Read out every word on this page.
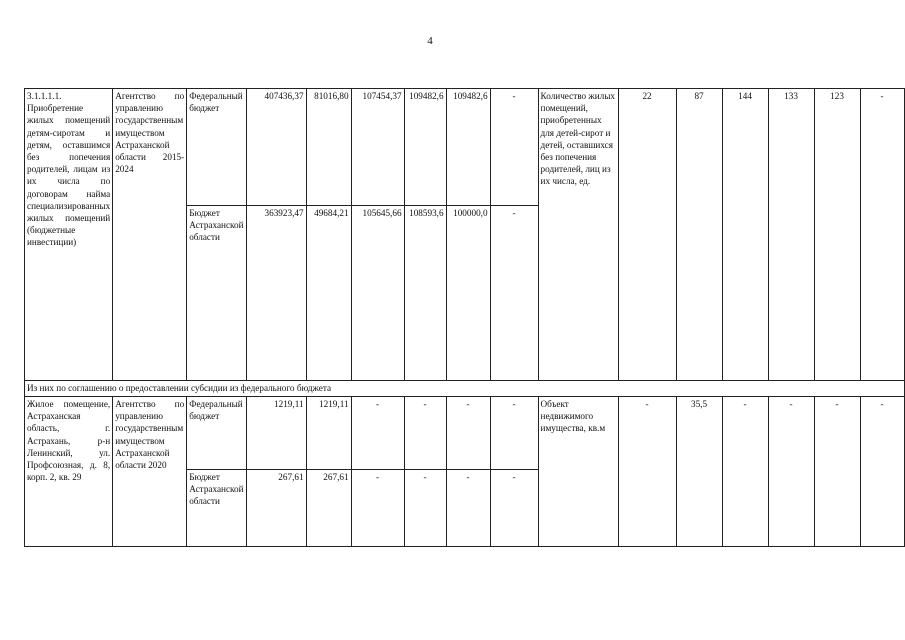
4
3.1.1.1.1. Приобретение жилых помещений детям-сиротам и детям, оставшимся без попечения родителей, лицам из их числа по договорам найма специализированных жилых помещений (бюджетные инвестиции)	Агентство по управлению государственным имуществом Астраханской области 2015-2024	Федеральный бюджет	407436,37	81016,80	107454,37	109482,6	109482,6	-	Количество жилых помещений, приобретенных для детей-сирот и детей, оставшихся без попечения родителей, лиц из их числа, ед.	22	87	144	133	123	-
		Бюджет Астраханской области	363923,47	49684,21	105645,66	108593,6	100000,0	-							
Из них по соглашению о предоставлении субсидии из федерального бюджета															
Жилое помещение, Астраханская область, г. Астрахань, р-н Ленинский, ул. Профсоюзная, д. 8, корп. 2, кв. 29	Агентство по управлению государственным имуществом Астраханской области 2020	Федеральный бюджет	1219,11	1219,11	-	-	-	-	Объект недвижимого имущества, кв.м	-	35,5	-	-	-	-
		Бюджет Астраханской области	267,61	267,61	-	-	-	-							
